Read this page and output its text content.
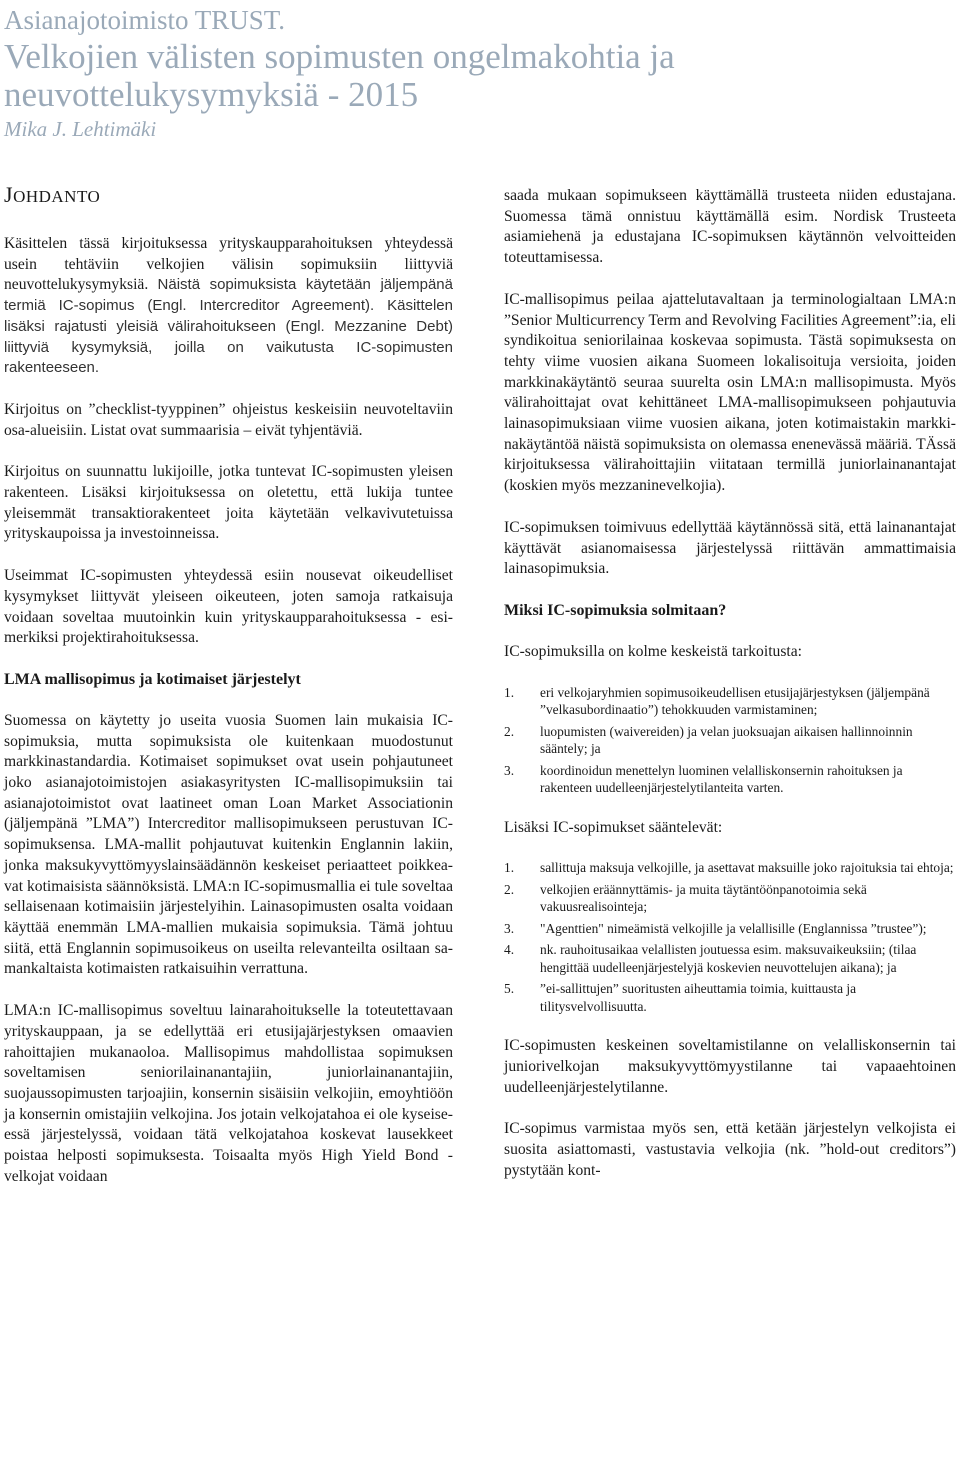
Asianajotoimisto TRUST.
Velkojien välisten sopimusten ongelmakohtia ja neuvottelukysymyksiä - 2015
Mika J. Lehtimäki
JOHDANTO

Käsittelen tässä kirjoituksessa yrityskaupparahoituksen yhteydessä usein tehtäviin velkojien välisin sopimuksiin liittyviä neuvottelukysymyksiä. Näistä sopimuksista käytetään jäljempänä termiä IC-sopimus (Engl. Intercreditor Agreement). Käsittelen lisäksi rajatusti yleisiä välirahoitukseen (Engl. Mezzanine Debt) liittyviä kysymyksiä, joilla on vaikutusta IC-sopimusten rakenteeseen.

Kirjoitus on ”checklist-tyyppinen” ohjeistus keskeisiin neuvoteltaviin osa-alueisiin. Listat ovat summaarisia – eivät tyhjentäviä.

Kirjoitus on suunnattu lukijoille, jotka tuntevat IC-sopimusten yleisen rakenteen. Lisäksi kirjoituksessa on oletettu, että lukija tuntee yleisemmät transaktiorakenteet joita käytetään velkavivutetuissa yrityskaupoissa ja investoinneissa.

Useimmat IC-sopimusten yhteydessä esiin nousevat oikeudelliset kysymykset liittyvät yleiseen oikeuteen, joten samoja ratkaisuja voidaan soveltaa muutoinkin kuin yrityskaupparahoituksessa - esimerkiksi projektirahoituksessa.

LMA mallisopimus ja kotimaiset järjestelyt

Suomessa on käytetty jo useita vuosia Suomen lain mukaisia IC-sopimuksia, mutta sopimuksista ole kuitenkaan muodostunut markkinastandardia. Kotimaiset sopimukset ovat usein pohjautuneet joko asianajotoimistojen asiakasyritysten IC-mallisopimuksiin tai asianajotoimistot ovat laatineet oman Loan Market Associationin (jäljempänä ”LMA”) Intercreditor mallisopimukseen perustuvan IC-sopimuksensa. LMA-mallit pohjautuvat kuitenkin Englannin lakiin, jonka maksukyvyttömyyslainsäädännön keskeiset periaatteet poikkeavat kotimaisista säännöksistä. LMA:n IC-sopimusmallia ei tule soveltaa sellaisenaan kotimaisiin järjestelyihin. Lainasopimusten osalta voidaan käyttää enemmän LMA-mallien mukaisia sopimuksia. Tämä johtuu siitä, että Englannin sopimusoikeus on useilta relevanteilta osiltaan samankaltaista kotimaisten ratkaisuihin verrattuna.

LMA:n IC-mallisopimus soveltuu lainarahoitukselle la toteutettavaan yrityskauppaan, ja se edellyttää eri etusijajärjestyksen omaavien rahoittajien mukanaoloa. Mallisopimus mahdollistaa sopimuksen soveltamisen seniorilainanantajiin, juniorlainanantajiin, suojaussopimusten tarjoajiin, konsernin sisäisiin velkojiin, emoyhtiöön ja konsernin omistajiin velkojina. Jos jotain velkojatahoa ei ole kyseiseessä järjestelyssä, voidaan tätä velkojatahoa koskevat lausekkeet poistaa helposti sopimuksesta. Toisaalta myös High Yield Bond -velkojat voidaan

saada mukaan sopimukseen käyttämällä trusteeta niiden edustajana. Suomessa tämä onnistuu käyttämällä esim. Nordisk Trusteeta asiamiehenä ja edustajana IC-sopimuksen käytännön velvoitteiden toteuttamisessa.

IC-mallisopimus peilaa ajattelutavaltaan ja terminologialtaan LMA:n ”Senior Multicurrency Term and Revolving Facilities Agreement”:ia, eli syndikoitua seniorilainaa koskevaa sopimusta. Tästä sopimuksesta on tehty viime vuosien aikana Suomeen lokalisoituja versioita, joiden markkinakäytäntö seuraa suurelta osin LMA:n mallisopimusta. Myös välirahoittajat ovat kehittäneet LMA-mallisopimukseen pohjautuvia lainasopimuksiaan viime vuosien aikana, joten kotimaistakin markkinakäytäntöä näistä sopimuksista on olemassa enenevässä määriä. TÄssä kirjoituksessa välirahoittajiin viitataan termillä juniorlainanantajat (koskien myös mezzaninevelkojia).

IC-sopimuksen toimivuus edellyttää käytännössä sitä, että lainanantajat käyttävät asianomaisessa järjestelyssä riittävän ammattimaisia lainasopimuksia.

Miksi IC-sopimuksia solmitaan?

IC-sopimuksilla on kolme keskeistä tarkoitusta:

1. eri velkojaryhmien sopimusoikeudellisen etusijajärjestyksen (jäljempänä ”velkasubordinaatio”) tehokkuuden varmistaminen;
2. luopumisten (waivereiden) ja velan juoksuajan aikaisen hallinnoinnin sääntely; ja
3. koordinoidun menettelyn luominen velalliskonsernin rahoituksen ja rakenteen uudelleenjärjestelytilanteita varten.

Lisäksi IC-sopimukset sääntelevät:

1. sallittuja maksuja velkojille, ja asettavat maksuille joko rajoituksia tai ehtoja;
2. velkojien eräännyttämis- ja muita täytäntöönpanotoimia sekä vakuusrealisointeja;
3. "Agenttien" nimeämistä velkojille ja velallisille (Englannissa ”trustee”);
4. nk. rauhoitusaikaa velallisten joutuessa esim. maksuvaikeuksiin; (tilaa hengittää uudelleenjärjestelyjä koskevien neuvottelujen aikana); ja
5. ”ei-sallittujen” suoritusten aiheuttamia toimia, kuittausta ja tilitysvelvollisuutta.

IC-sopimusten keskeinen soveltamistilanne on velalliskonsernin tai juniorivelkojan maksukyvyttömyystilanne tai vapaaehtoinen uudelleenjärjestelytilanne.

IC-sopimus varmistaa myös sen, että ketään järjestelyn velkojista ei suosita asiattomasti, vastustavia velkojia (nk. ”hold-out creditors”) pystytään kont-
